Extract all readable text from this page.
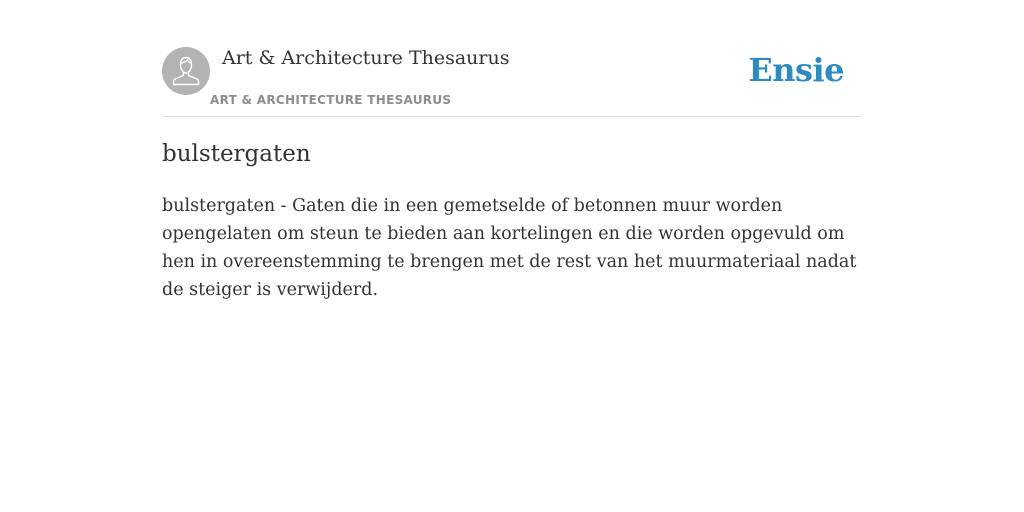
Art & Architecture Thesaurus
ART & ARCHITECTURE THESAURUS
Ensie
bulstergaten

bulstergaten - Gaten die in een gemetselde of betonnen muur worden opengelaten om steun te bieden aan kortelingen en die worden opgevuld om hen in overeenstemming te brengen met de rest van het muurmateriaal nadat de steiger is verwijderd.
